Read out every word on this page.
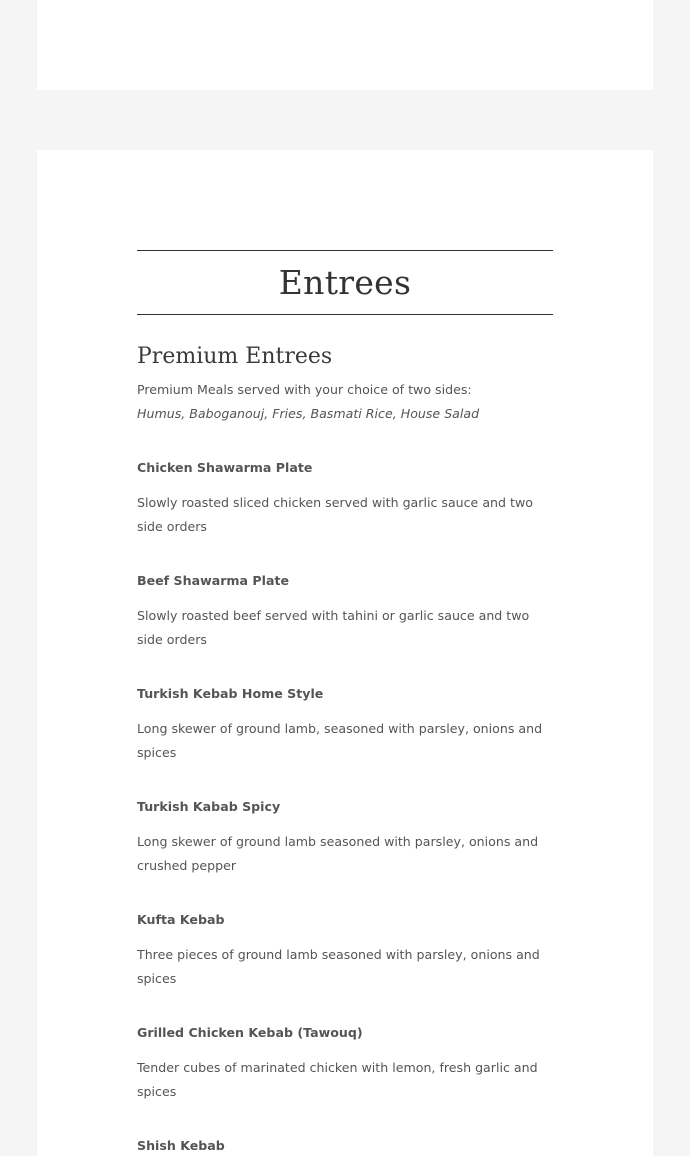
Entrees
Premium Entrees

Premium Meals served with your choice of two sides:
Humus, Baboganouj, Fries, Basmati Rice, House Salad

Chicken Shawarma Plate

Slowly roasted sliced chicken served with garlic sauce and two side orders

Beef Shawarma Plate

Slowly roasted beef served with tahini or garlic sauce and two side orders

Turkish Kebab Home Style

Long skewer of ground lamb, seasoned with parsley, onions and spices

Turkish Kabab Spicy

Long skewer of ground lamb seasoned with parsley, onions and crushed pepper

Kufta Kebab

Three pieces of ground lamb seasoned with parsley, onions and spices

Grilled Chicken Kebab (Tawouq)

Tender cubes of marinated chicken with lemon, fresh garlic and spices

Shish Kebab
